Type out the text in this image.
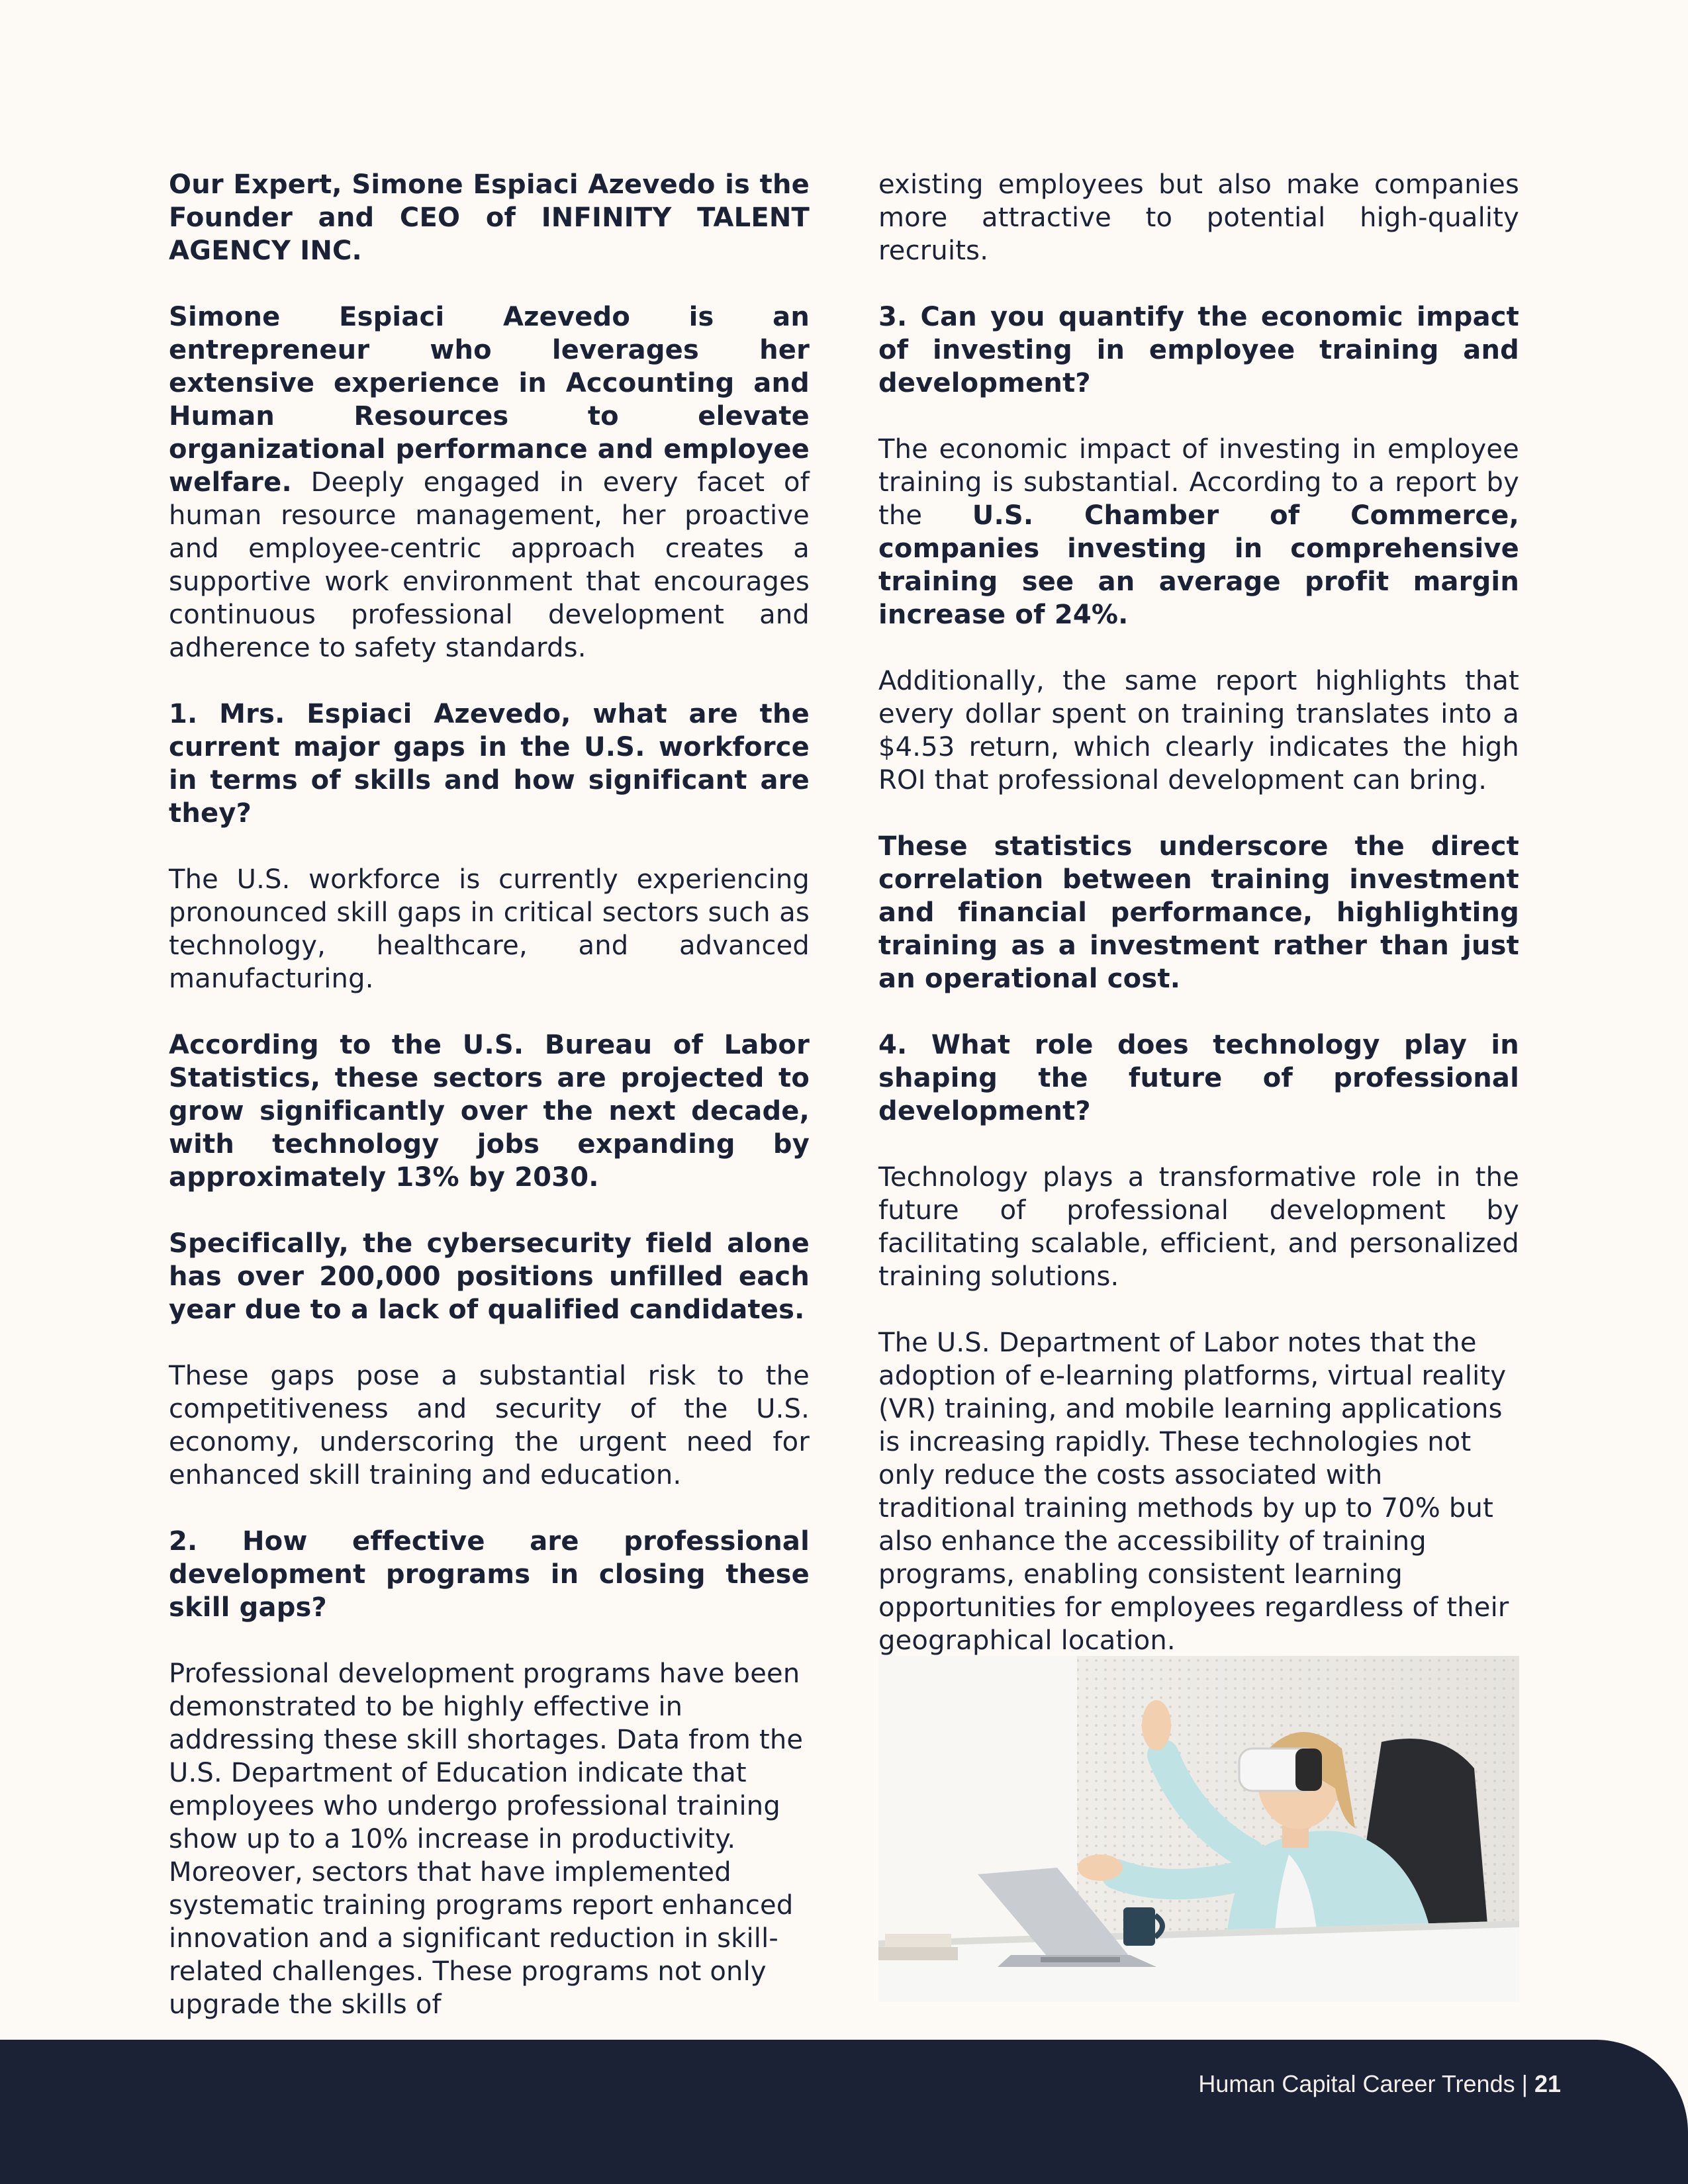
Our Expert, Simone Espiaci Azevedo is the Founder and CEO of INFINITY TALENT AGENCY INC.

Simone Espiaci Azevedo is an entrepreneur who leverages her extensive experience in Accounting and Human Resources to elevate organizational performance and employee welfare. Deeply engaged in every facet of human resource management, her proactive and employee-centric approach creates a supportive work environment that encourages continuous professional development and adherence to safety standards.

1. Mrs. Espiaci Azevedo, what are the current major gaps in the U.S. workforce in terms of skills and how significant are they?

The U.S. workforce is currently experiencing pronounced skill gaps in critical sectors such as technology, healthcare, and advanced manufacturing.

According to the U.S. Bureau of Labor Statistics, these sectors are projected to grow significantly over the next decade, with technology jobs expanding by approximately 13% by 2030.

Specifically, the cybersecurity field alone has over 200,000 positions unfilled each year due to a lack of qualified candidates.

These gaps pose a substantial risk to the competitiveness and security of the U.S. economy, underscoring the urgent need for enhanced skill training and education.

2. How effective are professional development programs in closing these skill gaps?

Professional development programs have been demonstrated to be highly effective in addressing these skill shortages. Data from the U.S. Department of Education indicate that employees who undergo professional training show up to a 10% increase in productivity. Moreover, sectors that have implemented systematic training programs report enhanced innovation and a significant reduction in skill-related challenges. These programs not only upgrade the skills of

existing employees but also make companies more attractive to potential high-quality recruits.

3. Can you quantify the economic impact of investing in employee training and development?

The economic impact of investing in employee training is substantial. According to a report by the U.S. Chamber of Commerce, companies investing in comprehensive training see an average profit margin increase of 24%.

Additionally, the same report highlights that every dollar spent on training translates into a $4.53 return, which clearly indicates the high ROI that professional development can bring.

These statistics underscore the direct correlation between training investment and financial performance, highlighting training as a investment rather than just an operational cost.

4. What role does technology play in shaping the future of professional development?

Technology plays a transformative role in the future of professional development by facilitating scalable, efficient, and personalized training solutions.

The U.S. Department of Labor notes that the adoption of e-learning platforms, virtual reality (VR) training, and mobile learning applications is increasing rapidly. These technologies not only reduce the costs associated with traditional training methods by up to 70% but also enhance the accessibility of training programs, enabling consistent learning opportunities for employees regardless of their geographical location.

Human Capital Career Trends | 21
